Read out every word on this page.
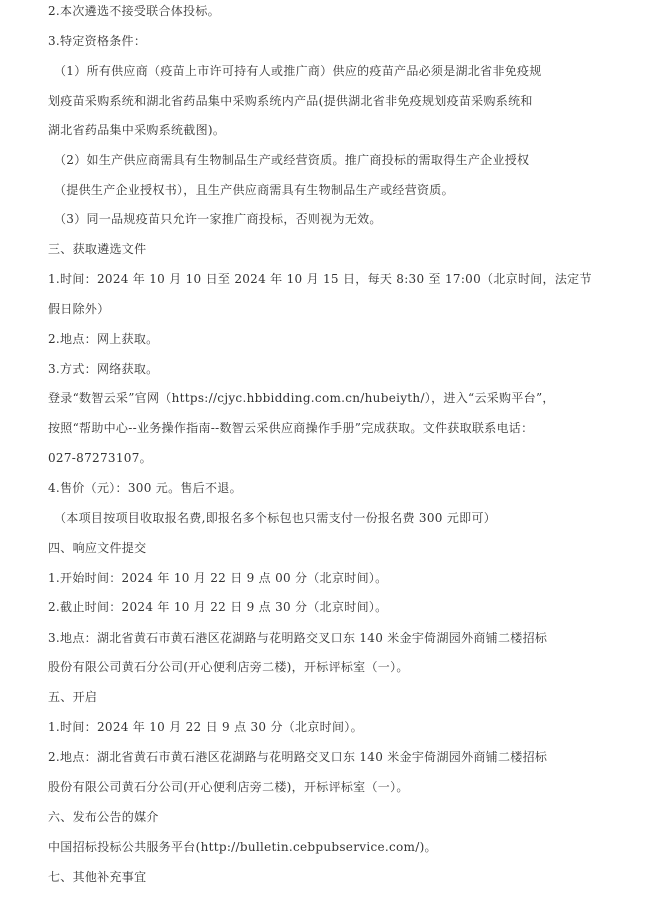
2.本次遴选不接受联合体投标。
3.特定资格条件：
（1）所有供应商（疫苗上市许可持有人或推广商）供应的疫苗产品必须是湖北省非免疫规
划疫苗采购系统和湖北省药品集中采购系统内产品(提供湖北省非免疫规划疫苗采购系统和
湖北省药品集中采购系统截图)。
（2）如生产供应商需具有生物制品生产或经营资质。推广商投标的需取得生产企业授权
（提供生产企业授权书），且生产供应商需具有生物制品生产或经营资质。
（3）同一品规疫苗只允许一家推广商投标，否则视为无效。
三、获取遴选文件
1.时间：2024 年 10 月 10 日至 2024 年 10 月 15 日，每天 8:30 至 17:00（北京时间，法定节
假日除外）
2.地点：网上获取。
3.方式：网络获取。
登录“数智云采”官网（https://cjyc.hbbidding.com.cn/hubeiyth/），进入“云采购平台”，
按照“帮助中心--业务操作指南--数智云采供应商操作手册”完成获取。文件获取联系电话：
027-87273107。
4.售价（元）：300 元。售后不退。
（本项目按项目收取报名费,即报名多个标包也只需支付一份报名费 300 元即可）
四、响应文件提交
1.开始时间：2024 年 10 月 22 日 9 点 00 分（北京时间）。
2.截止时间：2024 年 10 月 22 日 9 点 30 分（北京时间）。
3.地点：湖北省黄石市黄石港区花湖路与花明路交叉口东 140 米金宇倚湖园外商铺二楼招标
股份有限公司黄石分公司(开心便利店旁二楼)，开标评标室（一）。
五、开启
1.时间：2024 年 10 月 22 日 9 点 30 分（北京时间）。
2.地点：湖北省黄石市黄石港区花湖路与花明路交叉口东 140 米金宇倚湖园外商铺二楼招标
股份有限公司黄石分公司(开心便利店旁二楼)，开标评标室（一）。
六、发布公告的媒介
中国招标投标公共服务平台(http://bulletin.cebpubservice.com/)。
七、其他补充事宜
